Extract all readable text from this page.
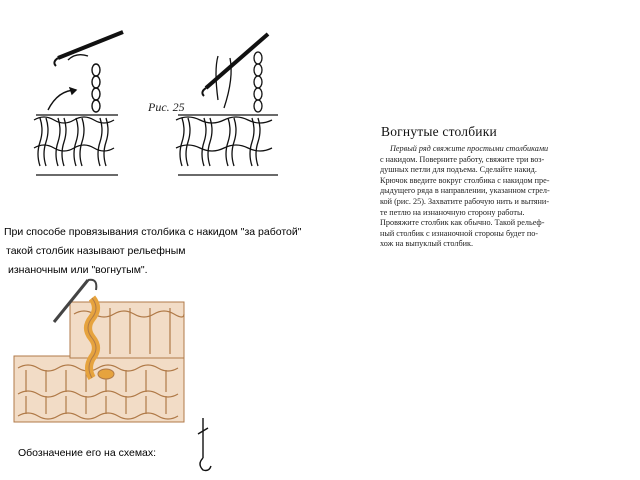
Рис. 25
При способе провязывания столбика с накидом "за работой"
такой столбик называют рельефным
изнаночным или "вогнутым".
Вогнутые столбики
Первый ряд свяжите простыми столбиками
с накидом. Поверните работу, свяжите три воз-
душных петли для подъема. Сделайте накид.
Крючок введите вокруг столбика с накидом пре-
дыдущего ряда в направлении, указанном стрел-
кой (рис. 25). Захватите рабочую нить и вытяни-
те петлю на изнаночную сторону работы.
Провяжите столбик как обычно. Такой рельеф-
ный столбик с изнаночной стороны будет по-
хож на выпуклый столбик.
Обозначение его на схемах:
